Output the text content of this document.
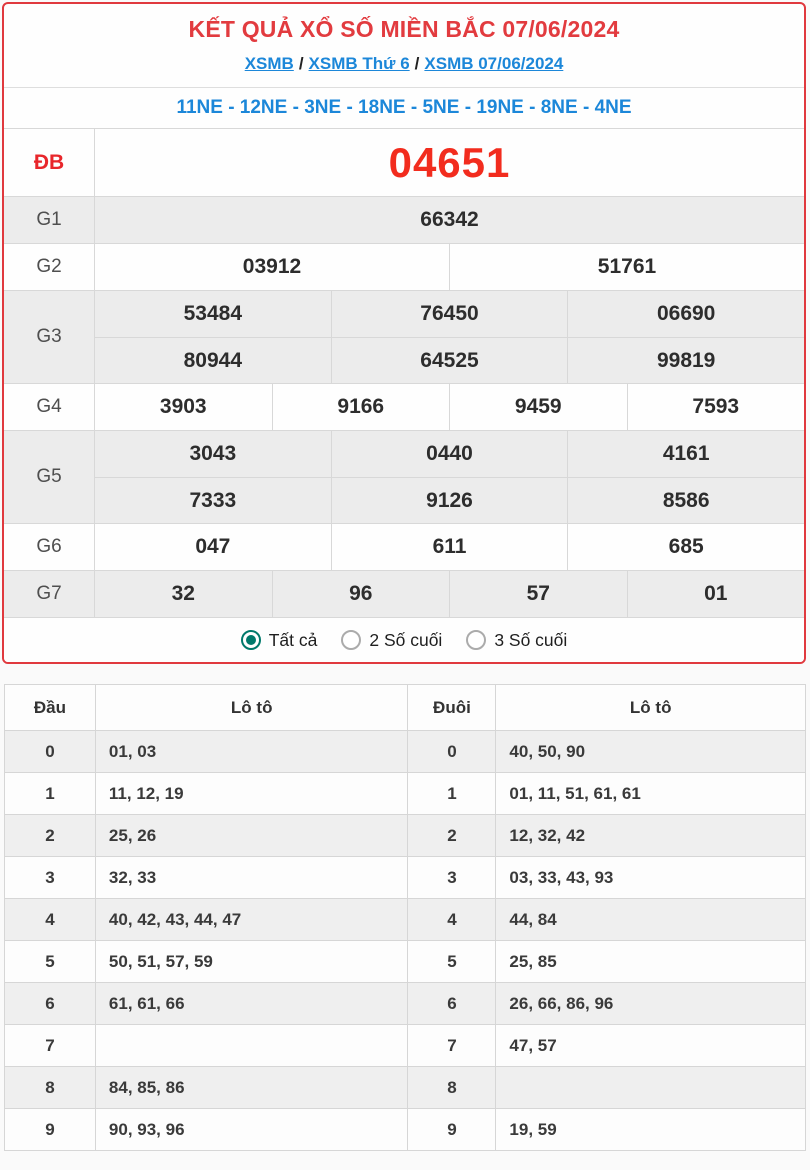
KẾT QUẢ XỔ SỐ MIỀN BẮC 07/06/2024
XSMB / XSMB Thứ 6 / XSMB 07/06/2024
11NE - 12NE - 3NE - 18NE - 5NE - 19NE - 8NE - 4NE
ĐB	04651
G1	66342
G2	03912	51761
G3
53484	76450	06690
80944	64525	99819
G4	3903	9166	9459	7593
G5
3043	0440	4161
7333	9126	8586
G6	047	611	685
G7	32	96	57	01
Tất cả	2 Số cuối	3 Số cuối
Đầu	Lô tô	Đuôi	Lô tô
0	01, 03	0	40, 50, 90
1	11, 12, 19	1	01, 11, 51, 61, 61
2	25, 26	2	12, 32, 42
3	32, 33	3	03, 33, 43, 93
4	40, 42, 43, 44, 47	4	44, 84
5	50, 51, 57, 59	5	25, 85
6	61, 61, 66	6	26, 66, 86, 96
7		7	47, 57
8	84, 85, 86	8	
9	90, 93, 96	9	19, 59
